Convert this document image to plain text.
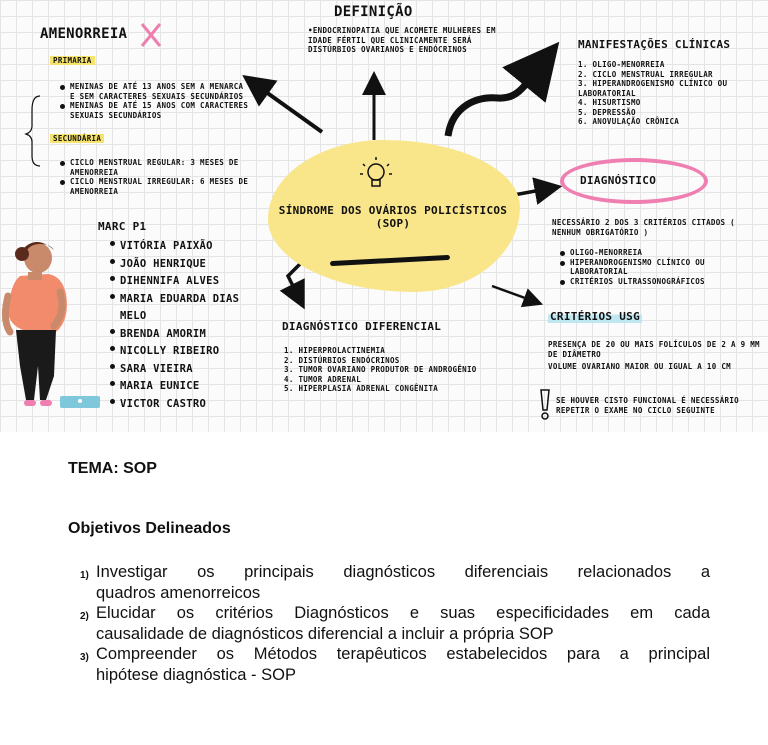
AMENORREIA
PRIMARIA
MENINAS DE ATÉ 13 ANOS SEM A MENARCA E SEM CARACTERES SEXUAIS SECUNDÁRIOS
MENINAS DE ATÉ 15 ANOS COM CARACTERES SEXUAIS SECUNDÁRIOS
SECUNDÁRIA
CICLO MENSTRUAL REGULAR: 3 MESES DE AMENORREIA
CICLO MENSTRUAL IRREGULAR: 6 MESES DE AMENORREIA
DEFINIÇÃO
•ENDOCRINOPATIA QUE ACOMETE MULHERES EM IDADE FÉRTIL QUE CLINICAMENTE SERÁ DISTÚRBIOS OVARIANOS E ENDÓCRINOS	MANIFESTAÇÕES CLÍNICAS
1. OLIGO-MENORREIA
2. CICLO MENSTRUAL IRREGULAR
3. HIPERANDROGENISMO CLÍNICO OU LABORATORIAL
4. HISURTISMO
5. DEPRESSÃO
6. ANOVULAÇÃO CRÔNICA
SÍNDROME DOS OVÁRIOS POLICÍSTICOS
(SOP)
DIAGNÓSTICO
NECESSÁRIO 2 DOS 3 CRITÉRIOS CITADOS ( NENHUM OBRIGATÓRIO )
OLIGO-MENORREIA
HIPERANDROGENISMO CLÍNICO OU LABORATORIAL
CRITÉRIOS ULTRASSONOGRÁFICOS
CRITÉRIOS USG
PRESENÇA DE 20 OU MAIS FOLÍCULOS DE 2 A 9 MM DE DIÂMETRO
VOLUME OVARIANO MAIOR OU IGUAL A 10 CM
SE HOUVER CISTO FUNCIONAL É NECESSÁRIO
REPETIR O EXAME NO CICLO SEGUINTE
DIAGNÓSTICO DIFERENCIAL
1. HIPERPROLACTINEMIA
2. DISTÚRBIOS ENDÓCRINOS
3. TUMOR OVARIANO PRODUTOR DE ANDROGÊNIO
4. TUMOR ADRENAL
5. HIPERPLASIA ADRENAL CONGÊNITA
MARC P1
VITÓRIA PAIXÃO
JOÃO HENRIQUE
DIHENNIFA ALVES
MARIA EDUARDA DIAS MELO
BRENDA AMORIM
NICOLLY RIBEIRO
SARA VIEIRA
MARIA EUNICE
VICTOR CASTRO
TEMA: SOP
Objetivos Delineados
1) Investigar os principais diagnósticos diferenciais relacionados a
quadros amenorreicos
2) Elucidar os critérios Diagnósticos e suas especificidades em cada
causalidade de diagnósticos diferencial a incluir a própria SOP
3) Compreender os Métodos terapêuticos estabelecidos para a principal
hipótese diagnóstica - SOP
